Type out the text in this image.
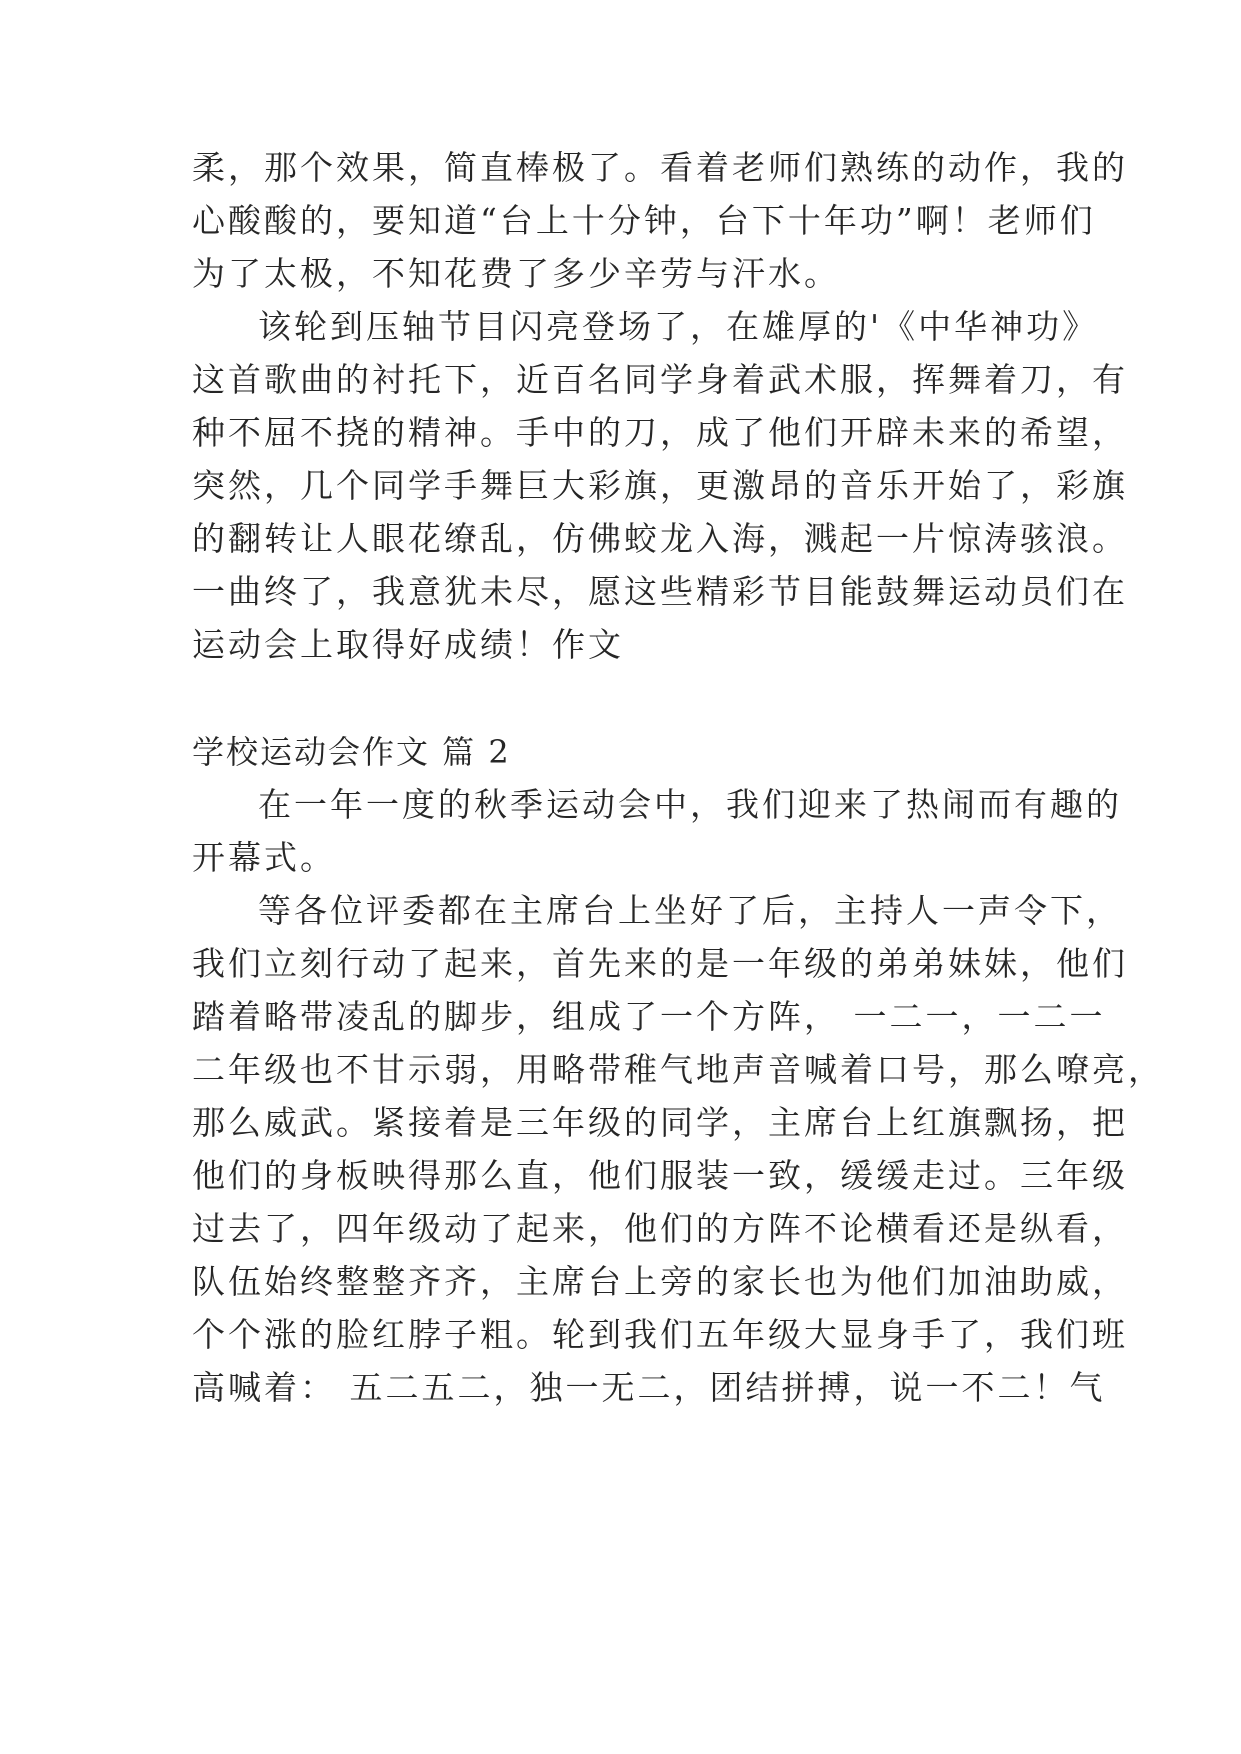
柔，那个效果，简直棒极了。看着老师们熟练的动作，我的
心酸酸的，要知道“台上十分钟，台下十年功”啊！老师们
为了太极，不知花费了多少辛劳与汗水。
该轮到压轴节目闪亮登场了，在雄厚的'《中华神功》
这首歌曲的衬托下，近百名同学身着武术服，挥舞着刀，有
种不屈不挠的精神。手中的刀，成了他们开辟未来的希望，
突然，几个同学手舞巨大彩旗，更激昂的音乐开始了，彩旗
的翻转让人眼花缭乱，仿佛蛟龙入海，溅起一片惊涛骇浪。
一曲终了，我意犹未尽，愿这些精彩节目能鼓舞运动员们在
运动会上取得好成绩！作文
学校运动会作文 篇 2
在一年一度的秋季运动会中，我们迎来了热闹而有趣的
开幕式。
等各位评委都在主席台上坐好了后，主持人一声令下，
我们立刻行动了起来，首先来的是一年级的弟弟妹妹，他们
踏着略带凌乱的脚步，组成了一个方阵， 一二一，一二一
二年级也不甘示弱，用略带稚气地声音喊着口号，那么嘹亮，
那么威武。紧接着是三年级的同学，主席台上红旗飘扬，把
他们的身板映得那么直，他们服装一致，缓缓走过。三年级
过去了，四年级动了起来，他们的方阵不论横看还是纵看，
队伍始终整整齐齐，主席台上旁的家长也为他们加油助威，
个个涨的脸红脖子粗。轮到我们五年级大显身手了，我们班
高喊着： 五二五二，独一无二，团结拼搏，说一不二！气
